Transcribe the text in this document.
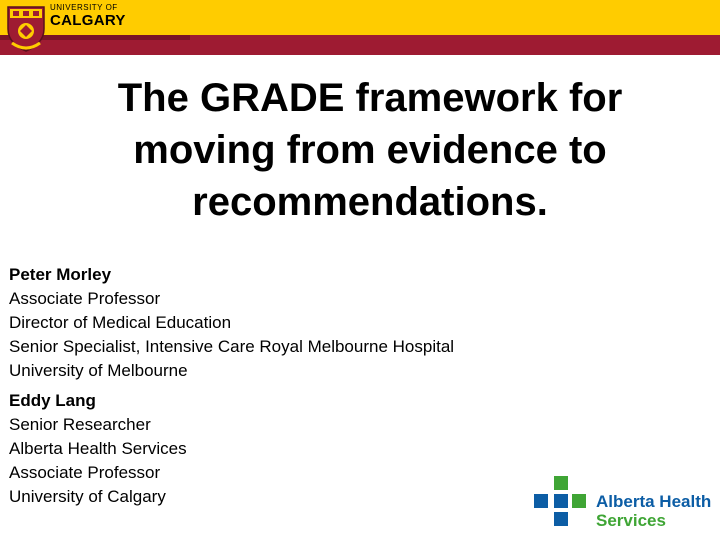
UNIVERSITY OF
CALGARY
The GRADE framework for
moving from evidence to
recommendations.
Peter Morley
Associate Professor
Director of Medical Education
Senior Specialist, Intensive Care Royal Melbourne Hospital
University of Melbourne
Eddy Lang
Senior Researcher
Alberta Health Services
Associate Professor
University of Calgary	Alberta Health
Services
